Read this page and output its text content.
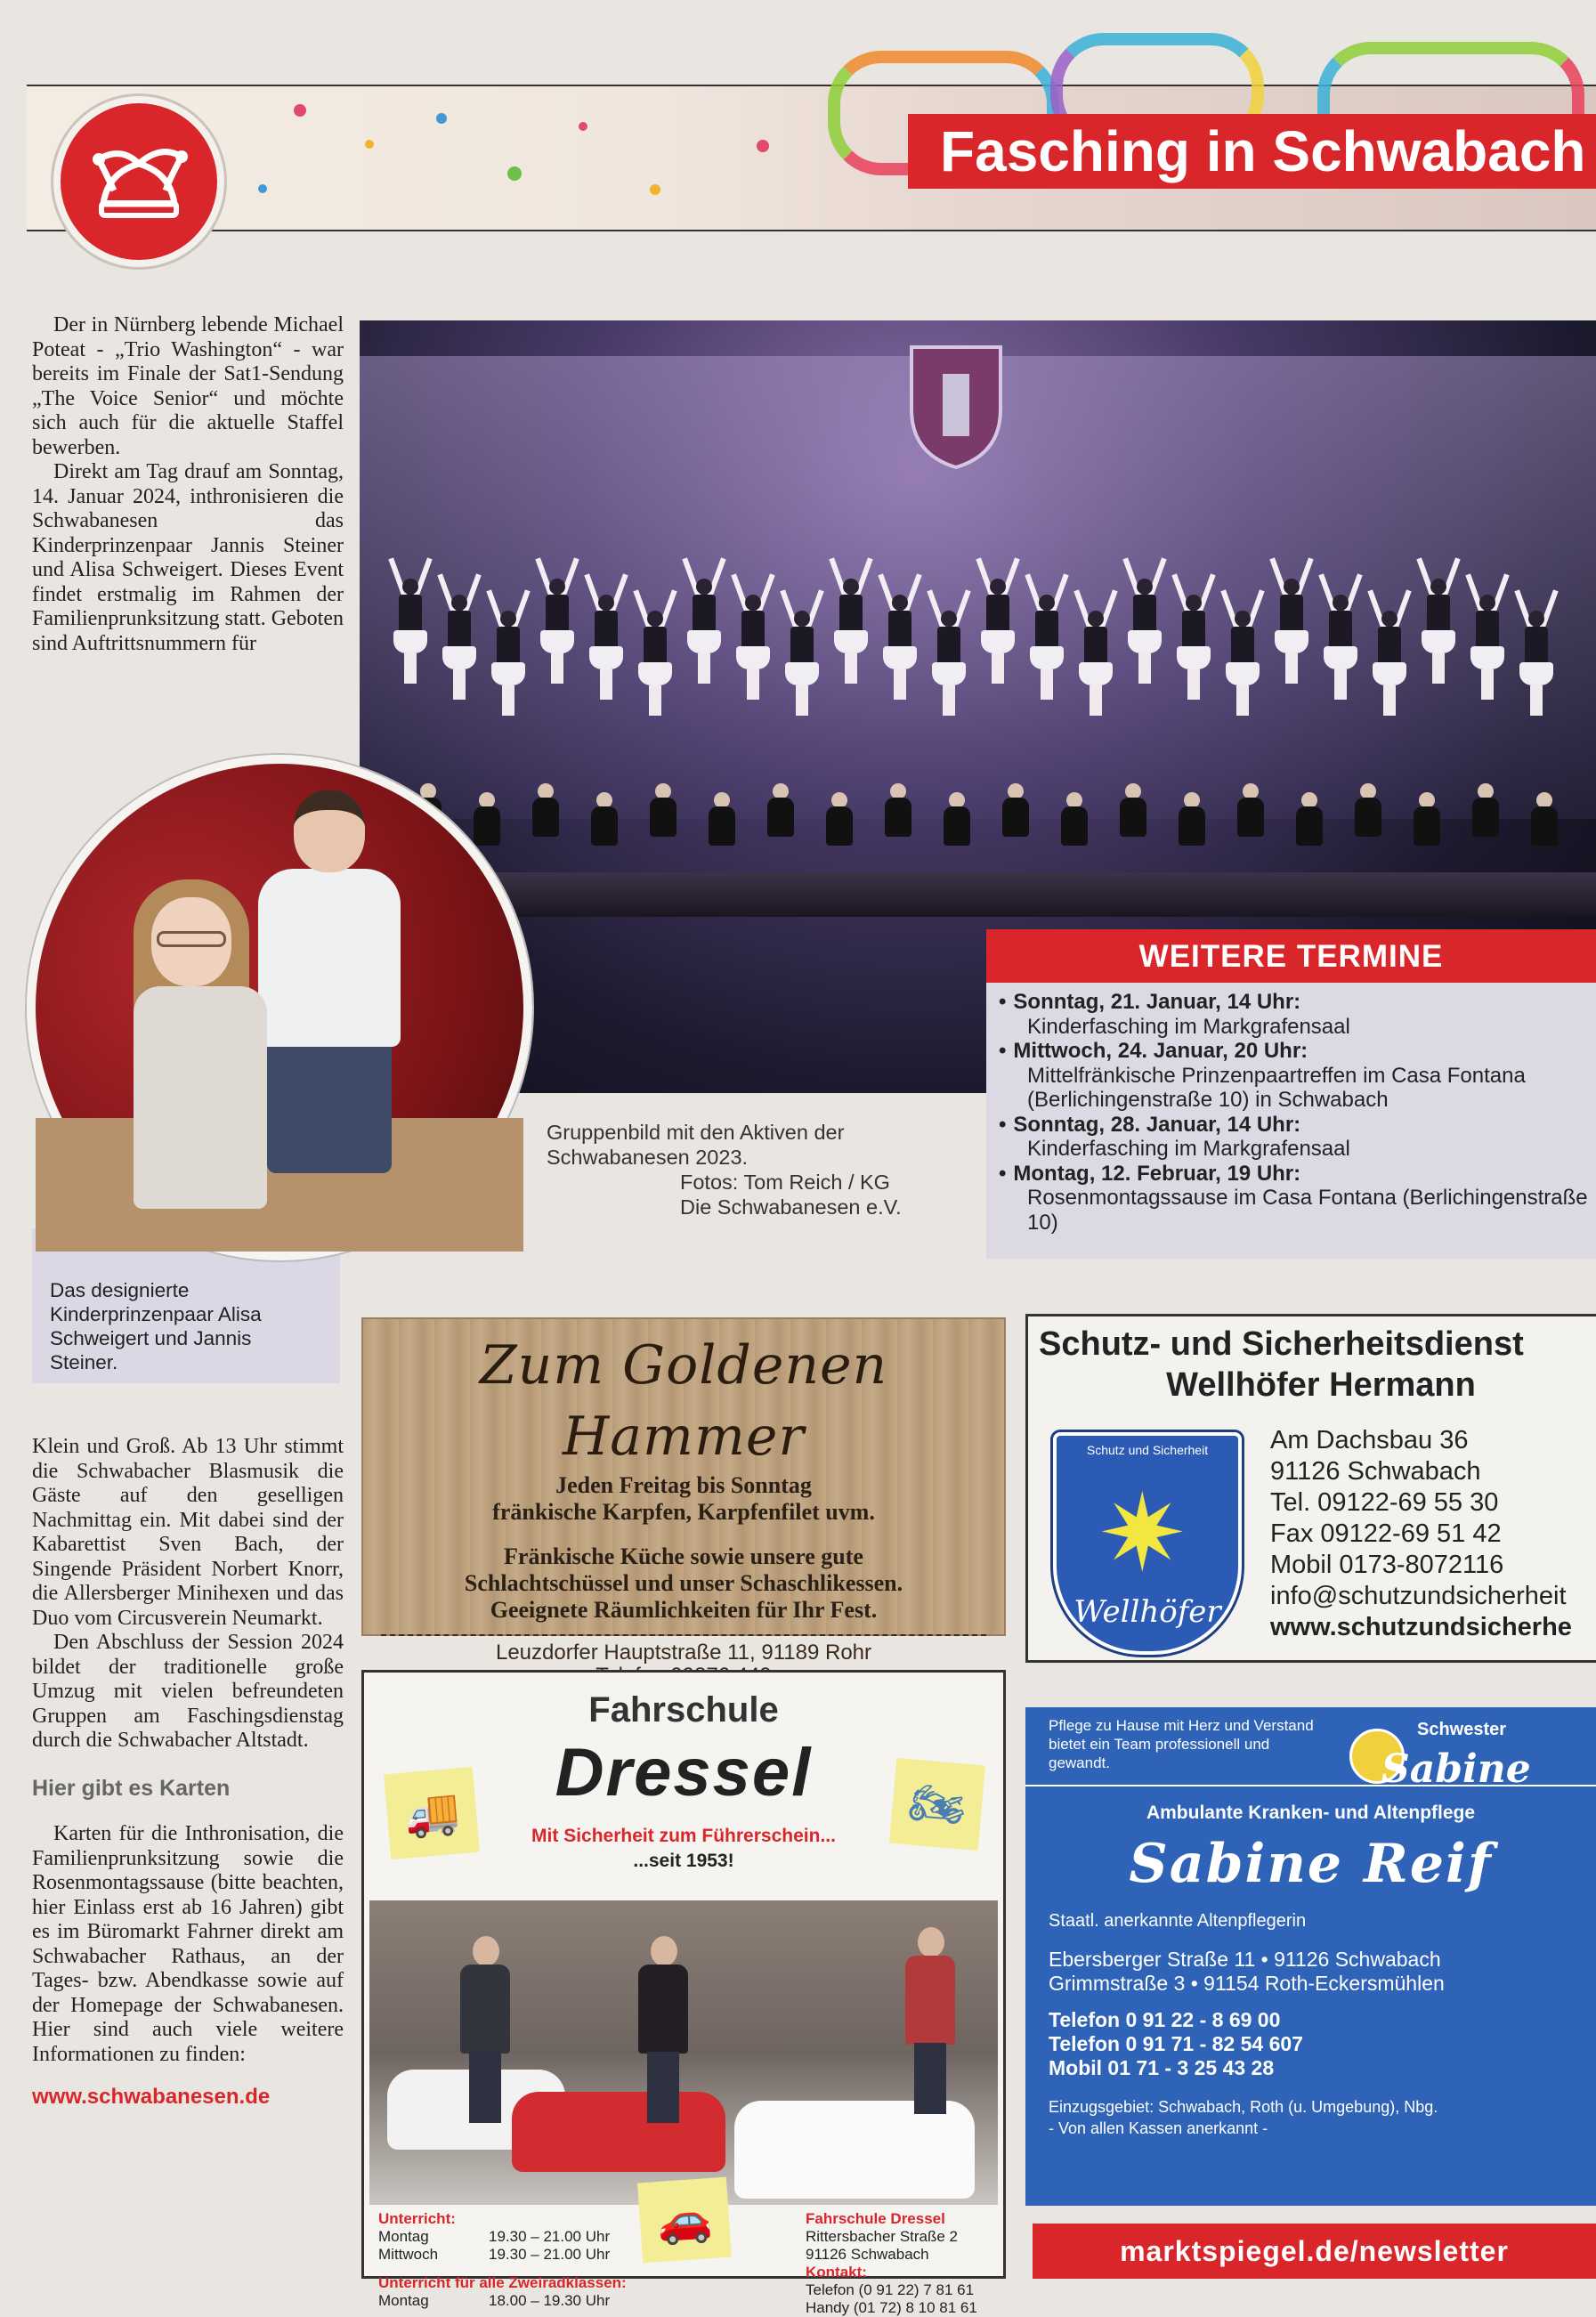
Fasching in Schwabach

Der in Nürnberg lebende Michael Poteat - „Trio Washington“ - war bereits im Finale der Sat1-Sendung „The Voice Senior“ und möchte sich auch für die aktuelle Staffel bewerben.

Direkt am Tag drauf am Sonntag, 14. Januar 2024, inthronisieren die Schwabanesen das Kinderprinzenpaar Jannis Steiner und Alisa Schweigert. Dieses Event findet erstmalig im Rahmen der Familienprunksitzung statt. Geboten sind Auftrittsnummern für

Das designierte Kinderprinzenpaar Alisa Schweigert und Jannis Steiner.
Gruppenbild mit den Aktiven der Schwabanesen 2023.
Fotos: Tom Reich / KG
Die Schwabanesen e.V.
WEITERE TERMINE
• Sonntag, 21. Januar, 14 Uhr:
Kinderfasching im Markgrafensaal
• Mittwoch, 24. Januar, 20 Uhr:
Mittelfränkische Prinzenpaartreffen im Casa Fontana (Berlichingenstraße 10) in Schwabach
• Sonntag, 28. Januar, 14 Uhr:
Kinderfasching im Markgrafensaal
• Montag, 12. Februar, 19 Uhr:
Rosenmontagssause im Casa Fontana (Berlichingenstraße 10)

Klein und Groß. Ab 13 Uhr stimmt die Schwabacher Blasmusik die Gäste auf den geselligen Nachmittag ein. Mit dabei sind der Kabarettist Sven Bach, der Singende Präsident Norbert Knorr, die Allersberger Minihexen und das Duo vom Circusverein Neumarkt.

Den Abschluss der Session 2024 bildet der traditionelle große Umzug mit vielen befreundeten Gruppen am Faschingsdienstag durch die Schwabacher Altstadt.

Hier gibt es Karten

Karten für die Inthronisation, die Familienprunksitzung sowie die Rosenmontagssause (bitte beachten, hier Einlass erst ab 16 Jahren) gibt es im Büromarkt Fahrner direkt am Schwabacher Rathaus, an der Tages- bzw. Abendkasse sowie auf der Homepage der Schwabanesen. Hier sind auch viele weitere Informationen zu finden:

www.schwabanesen.de

Zum Goldenen Hammer
Jeden Freitag bis Sonntag
fränkische Karpfen, Karpfenfilet uvm.
Fränkische Küche sowie unsere gute
Schlachtschüssel und unser Schaschlikessen.
Geeignete Räumlichkeiten für Ihr Fest.
Leuzdorfer Hauptstraße 11, 91189 Rohr
Schutz- und Sicherheitsdienst
Wellhöfer Hermann
Schutz und Sicherheit
✷
Wellhöfer
Am Dachsbau 36
91126 Schwabach
Tel. 09122-69 55 30
Fax 09122-69 51 42
Mobil 0173-8072116
info@schutzundsicherheit
www.schutzundsicherhe
Fahrschule
Dressel
Mit Sicherheit zum Führerschein...
...seit 1953!
🚚	🏍
🚗
Unterricht:
Montag	19.30 – 21.00 Uhr
Mittwoch	19.30 – 21.00 Uhr
Unterricht für alle Zweiradklassen:
Montag	18.00 – 19.30 Uhr
Fahrschule Dressel
Rittersbacher Straße 2
91126 Schwabach
Kontakt:
Telefon (0 91 22) 7 81 61
Handy (01 72) 8 10 81 61
Pflege zu Hause mit Herz und Verstand bietet ein Team professionell und gewandt.
Schwester
Sabine
Ambulante Kranken- und Altenpflege
Sabine Reif
Staatl. anerkannte Altenpflegerin
Ebersberger Straße 11 • 91126 Schwabach
Grimmstraße 3 • 91154 Roth-Eckersmühlen
Telefon 0 91 22 - 8 69 00
Telefon 0 91 71 - 82 54 607
Mobil 01 71 - 3 25 43 28
Einzugsgebiet: Schwabach, Roth (u. Umgebung), Nbg.
- Von allen Kassen anerkannt -
marktspiegel.de/newsletter
